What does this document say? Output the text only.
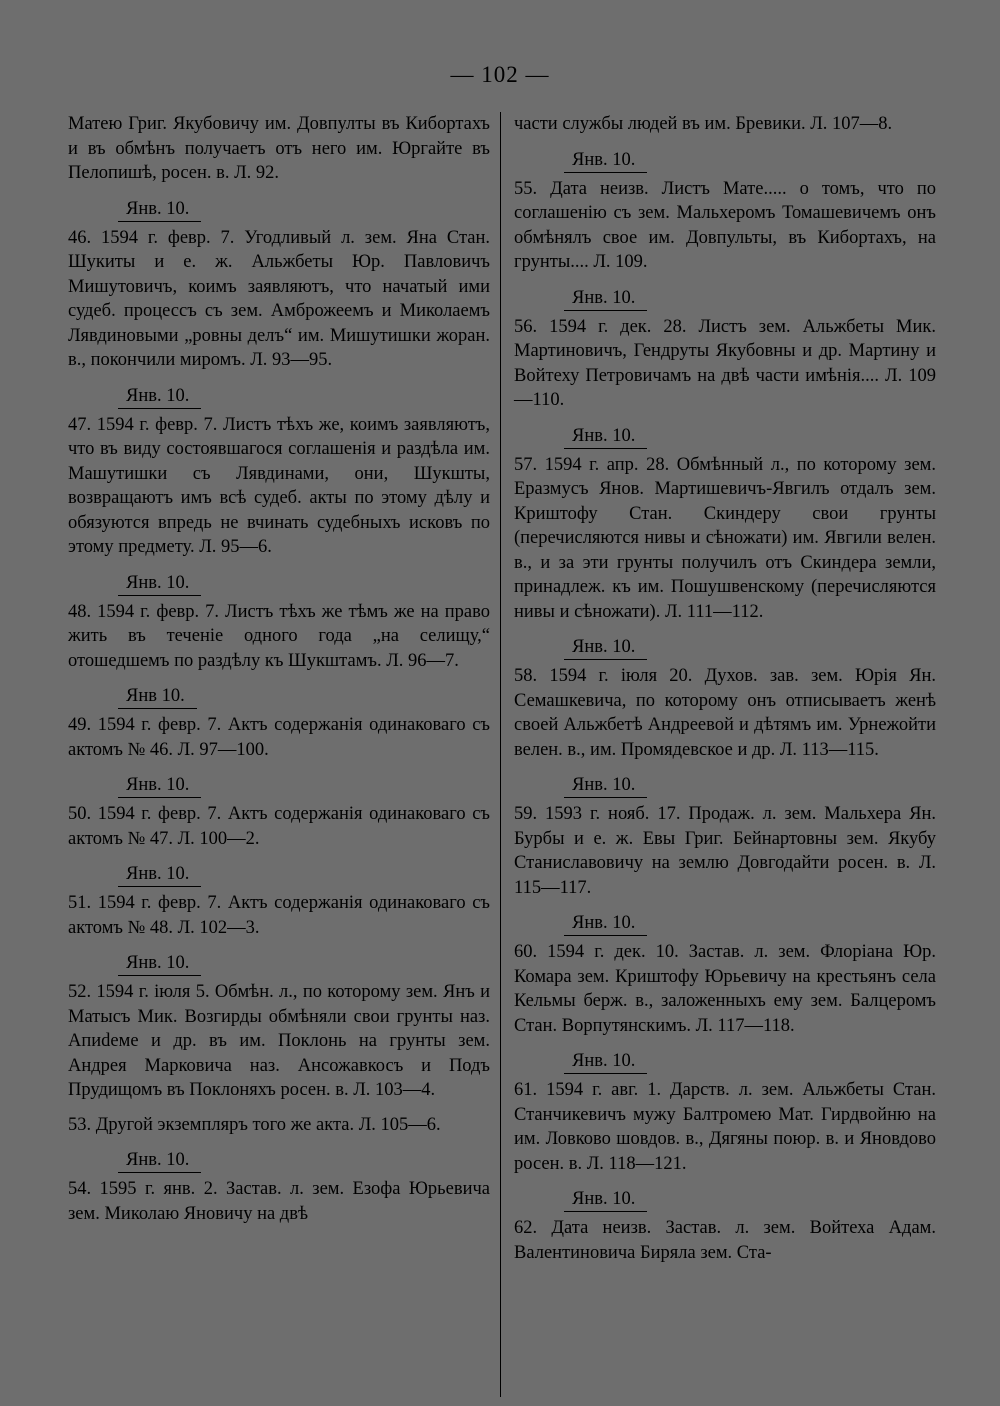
— 102 —

Матею Григ. Якубовичу им. Довпулты въ Кибортахъ и въ обмѣнъ получаетъ отъ него им. Юргайте въ Пелопишѣ, росен. в. Л. 92.

Янв. 10.

46. 1594 г. февр. 7. Угодливый л. зем. Яна Стан. Шукиты и е. ж. Альжбеты Юр. Павловичъ Мишутовичъ, коимъ заявляютъ, что начатый ими судеб. процессъ съ зем. Амброжеемъ и Миколаемъ Лявдиновыми „ровны делъ“ им. Мишутишки жоран. в., покончили миромъ. Л. 93—95.

Янв. 10.

47. 1594 г. февр. 7. Листъ тѣхъ же, коимъ заявляютъ, что въ виду состоявшагося соглашенія и раздѣла им. Машутишки съ Лявдинами, они, Шукшты, возвращаютъ имъ всѣ судеб. акты по этому дѣлу и обязуются впредь не вчинать судебныхъ исковъ по этому предмету. Л. 95—6.

Янв. 10.

48. 1594 г. февр. 7. Листъ тѣхъ же тѣмъ же на право жить въ теченіе одного года „на селищу,“ отошедшемъ по раздѣлу къ Шукштамъ. Л. 96—7.

Янв 10.

49. 1594 г. февр. 7. Актъ содержанія одинаковаго съ актомъ № 46. Л. 97—100.

Янв. 10.

50. 1594 г. февр. 7. Актъ содержанія одинаковаго съ актомъ № 47. Л. 100—2.

Янв. 10.

51. 1594 г. февр. 7. Актъ содержанія одинаковаго съ актомъ № 48. Л. 102—3.

Янв. 10.

52. 1594 г. іюля 5. Обмѣн. л., по которому зем. Янъ и Матысъ Мик. Возгирды обмѣняли свои грунты наз. Апиdеме и др. въ им. Поклонь на грунты зем. Андрея Марковича наз. Ансожавкосъ и Подъ Прудищомъ въ Поклоняхъ росен. в. Л. 103—4.

53. Другой экземпляръ того же акта. Л. 105—6.

Янв. 10.

54. 1595 г. янв. 2. Застав. л. зем. Езофа Юрьевича зем. Миколаю Яновичу на двѣ

части службы людей въ им. Бревики. Л. 107—8.

Янв. 10.

55. Дата неизв. Листъ Мате..... о томъ, что по соглашенію съ зем. Мальхеромъ Томашевичемъ онъ обмѣнялъ свое им. Довпульты, въ Кибортахъ, на грунты.... Л. 109.

Янв. 10.

56. 1594 г. дек. 28. Листъ зем. Альжбеты Мик. Мартиновичъ, Гендруты Якубовны и др. Мартину и Войтеху Петровичамъ на двѣ части имѣнія.... Л. 109—110.

Янв. 10.

57. 1594 г. апр. 28. Обмѣнный л., по которому зем. Еразмусъ Янов. Мартишевичъ-Явгилъ отдалъ зем. Криштофу Стан. Скиндеру свои грунты (перечисляются нивы и сѣножати) им. Явгили велен. в., и за эти грунты получилъ отъ Скиндера земли, принадлеж. къ им. Пошушвенскому (перечисляются нивы и сѣножати). Л. 111—112.

Янв. 10.

58. 1594 г. іюля 20. Духов. зав. зем. Юрія Ян. Семашкевича, по которому онъ отписываетъ женѣ своей Альжбетѣ Андреевой и дѣтямъ им. Урнежойти велен. в., им. Промядевское и др. Л. 113—115.

Янв. 10.

59. 1593 г. нояб. 17. Продаж. л. зем. Мальхера Ян. Бурбы и е. ж. Евы Григ. Бейнартовны зем. Якубу Станиславовичу на землю Довгодайти росен. в. Л. 115—117.

Янв. 10.

60. 1594 г. дек. 10. Застав. л. зем. Флоріана Юр. Комара зем. Криштофу Юрьевичу на крестьянъ села Кельмы берж. в., заложенныхъ ему зем. Балцеромъ Стан. Ворпутянскимъ. Л. 117—118.

Янв. 10.

61. 1594 г. авг. 1. Дарств. л. зем. Альжбеты Стан. Станчикевичъ мужу Балтромею Мат. Гирдвойню на им. Ловково шовдов. в., Дягяны поюр. в. и Яновдово росен. в. Л. 118—121.

Янв. 10.

62. Дата неизв. Застав. л. зем. Войтеха Адам. Валентиновича Биряла зем. Ста-
